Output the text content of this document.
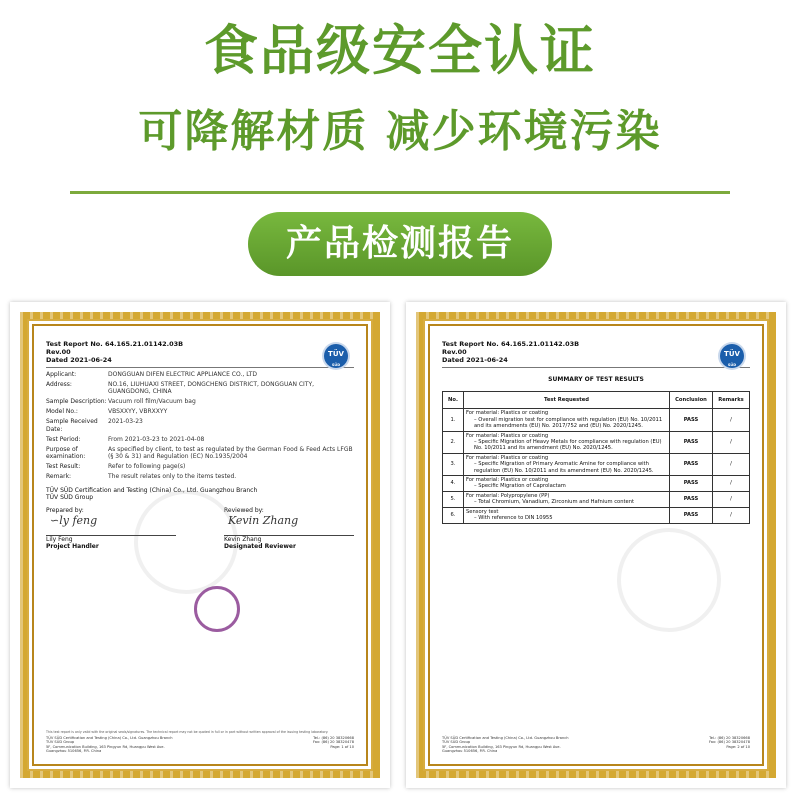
食品级安全认证
可降解材质 减少环境污染
产品检测报告
TÜV
SÜD
Test Report No. 64.165.21.01142.03B
Rev.00
Dated 2021-06-24
Applicant:	DONGGUAN DIFEN ELECTRIC APPLIANCE CO., LTD
Address:	NO.16, LIUHUAXI STREET, DONGCHENG DISTRICT, DONGGUAN CITY, GUANGDONG, CHINA
Sample Description: Vacuum roll film/Vacuum bag
Model No.:	VBSXXYY, VBRXXYY
Sample Received Date:
2021-03-23
Test Period:	From 2021-03-23 to 2021-04-08
Purpose of examination:
As specified by client, to test as regulated by the German Food & Feed Acts LFGB (§ 30 & 31) and Regulation (EC) No.1935/2004
Test Result:	Refer to following page(s)
Remark:	The result relates only to the items tested.
TÜV SÜD Certification and Testing (China) Co., Ltd. Guangzhou Branch
TÜV SÜD Group
Prepared by:
∽ly feng
Lily Feng
Project Handler
Reviewed by:
Kevin Zhang
Kevin Zhang
Designated Reviewer
This test report is only valid with the original seals/signatures. The technical report may not be quoted in full or in part without written approval of the issuing testing laboratory.
TÜV SÜD Certification and Testing (China) Co., Ltd. Guangzhou Branch	Tel.: (86) 20 38320668
TÜV SÜD Group	Fax: (86) 20 38320478
5F, Communication Building, 163 Pingyun Rd, Huangpu West Ave.	Page: 1 of 10
Guangzhou 510656, P.R. China
TÜV
SÜD
Test Report No. 64.165.21.01142.03B
Rev.00
Dated 2021-06-24
SUMMARY OF TEST RESULTS
No.	Test Requested	Conclusion	Remarks
1.	For material: Plastics or coating
– Overall migration test for compliance with regulation (EU) No. 10/2011 and its amendments (EU) No. 2017/752 and (EU) No. 2020/1245.	PASS	/
2.	For material: Plastics or coating
– Specific Migration of Heavy Metals for compliance with regulation (EU) No. 10/2011 and its amendment (EU) No. 2020/1245.	PASS	/
3.	For material: Plastics or coating
– Specific Migration of Primary Aromatic Amine for compliance with regulation (EU) No. 10/2011 and its amendment (EU) No. 2020/1245.	PASS	/
4.	For material: Plastics or coating
– Specific Migration of Caprolactam	PASS	/
5.	For material: Polypropylene (PP)
– Total Chromium, Vanadium, Zirconium and Hafnium content	PASS	/
6.	Sensory test
– With reference to DIN 10955	PASS	/
TÜV SÜD Certification and Testing (China) Co., Ltd. Guangzhou Branch	Tel.: (86) 20 38320668
TÜV SÜD Group	Fax: (86) 20 38320478
5F, Communication Building, 163 Pingyun Rd, Huangpu West Ave.	Page: 2 of 10
Guangzhou 510656, P.R. China
